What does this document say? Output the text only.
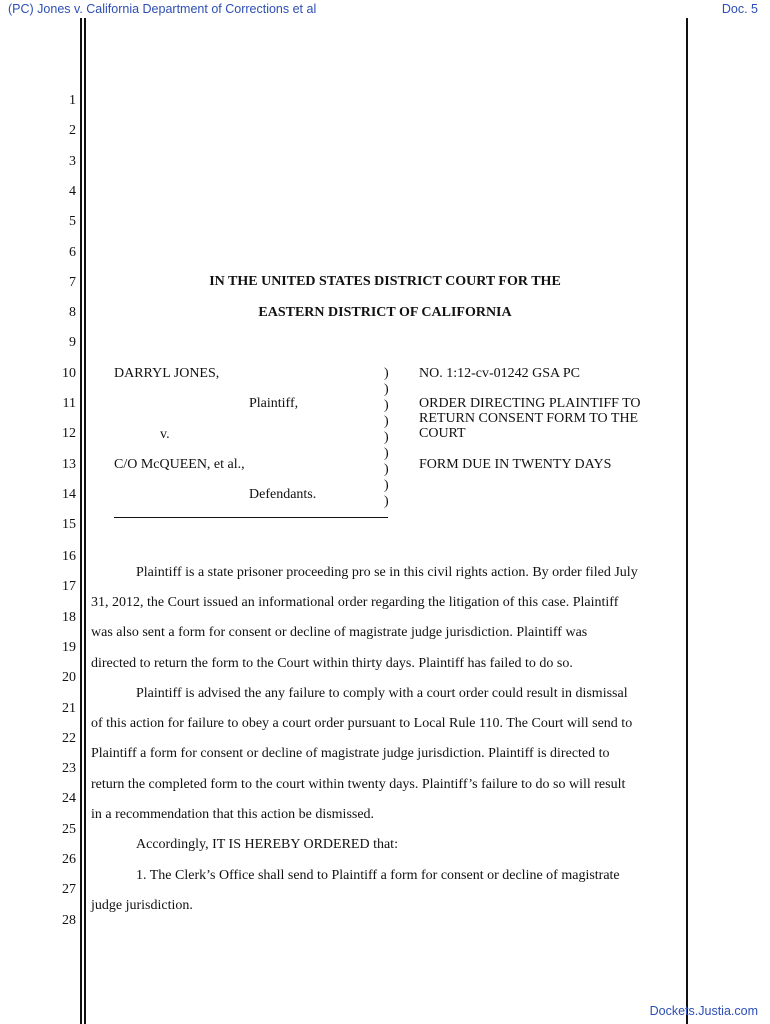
(PC) Jones v. California Department of Corrections et al	Doc. 5
1
2
3
4
5
6
7
8
9
10
11
12
13
14
15
16
17
18
19
20
21
22
23
24
25
26
27
28
IN THE UNITED STATES DISTRICT COURT FOR THE
EASTERN DISTRICT OF CALIFORNIA
DARRYL JONES,
Plaintiff,
v.
C/O McQUEEN, et al.,
Defendants.
)
)
)
)
)
)
)
)
)
NO. 1:12-cv-01242 GSA PC
ORDER DIRECTING PLAINTIFF TO
RETURN CONSENT FORM TO THE
COURT
FORM DUE IN TWENTY DAYS
Plaintiff is a state prisoner proceeding pro se in this civil rights action. By order filed July
31, 2012, the Court issued an informational order regarding the litigation of this case. Plaintiff
was also sent a form for consent or decline of magistrate judge jurisdiction. Plaintiff was
directed to return the form to the Court within thirty days. Plaintiff has failed to do so.
Plaintiff is advised the any failure to comply with a court order could result in dismissal
of this action for failure to obey a court order pursuant to Local Rule 110. The Court will send to
Plaintiff a form for consent or decline of magistrate judge jurisdiction. Plaintiff is directed to
return the completed form to the court within twenty days. Plaintiff’s failure to do so will result
in a recommendation that this action be dismissed.
Accordingly, IT IS HEREBY ORDERED that:
1. The Clerk’s Office shall send to Plaintiff a form for consent or decline of magistrate
judge jurisdiction.
Dockets.Justia.com
